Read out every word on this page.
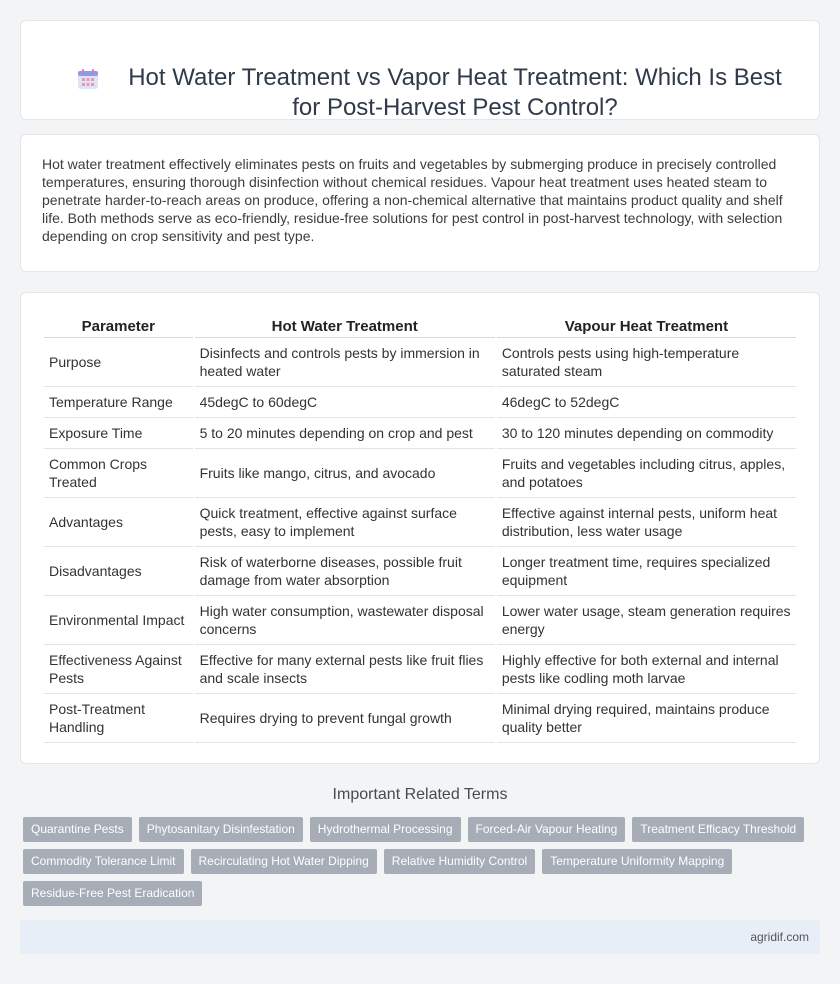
Hot Water Treatment vs Vapor Heat Treatment: Which Is Best for Post-Harvest Pest Control?

Hot water treatment effectively eliminates pests on fruits and vegetables by submerging produce in precisely controlled temperatures, ensuring thorough disinfection without chemical residues. Vapour heat treatment uses heated steam to penetrate harder-to-reach areas on produce, offering a non-chemical alternative that maintains product quality and shelf life. Both methods serve as eco-friendly, residue-free solutions for pest control in post-harvest technology, with selection depending on crop sensitivity and pest type.

Parameter	Hot Water Treatment	Vapour Heat Treatment
Purpose	Disinfects and controls pests by immersion in heated water	Controls pests using high-temperature saturated steam
Temperature Range	45degC to 60degC	46degC to 52degC
Exposure Time	5 to 20 minutes depending on crop and pest	30 to 120 minutes depending on commodity
Common Crops Treated	Fruits like mango, citrus, and avocado	Fruits and vegetables including citrus, apples, and potatoes
Advantages	Quick treatment, effective against surface pests, easy to implement	Effective against internal pests, uniform heat distribution, less water usage
Disadvantages	Risk of waterborne diseases, possible fruit damage from water absorption	Longer treatment time, requires specialized equipment
Environmental Impact	High water consumption, wastewater disposal concerns	Lower water usage, steam generation requires energy
Effectiveness Against Pests	Effective for many external pests like fruit flies and scale insects	Highly effective for both external and internal pests like codling moth larvae
Post-Treatment Handling	Requires drying to prevent fungal growth	Minimal drying required, maintains produce quality better
Important Related Terms
Quarantine Pests	Phytosanitary Disinfestation	Hydrothermal Processing	Forced-Air Vapour Heating	Treatment Efficacy Threshold
Commodity Tolerance Limit	Recirculating Hot Water Dipping	Relative Humidity Control	Temperature Uniformity Mapping
Residue-Free Pest Eradication
agridif.com
